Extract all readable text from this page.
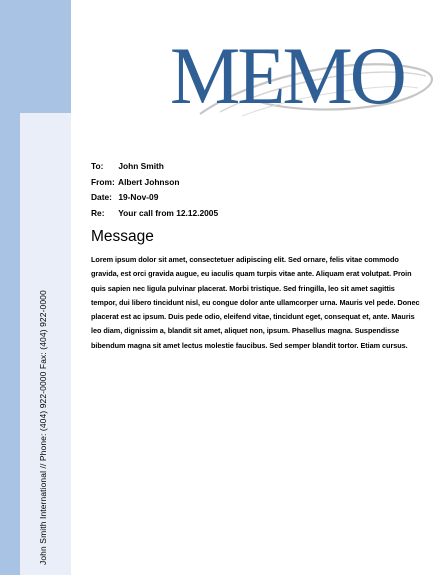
John Smith International // Phone: (404) 922-0000 Fax: (404) 922-0000
MEMO
To: John Smith
From: Albert Johnson
Date: 19-Nov-09
Re: Your call from 12.12.2005
Message
Lorem ipsum dolor sit amet, consectetuer adipiscing elit. Sed ornare, felis vitae commodo gravida, est orci gravida augue, eu iaculis quam turpis vitae ante. Aliquam erat volutpat. Proin quis sapien nec ligula pulvinar placerat. Morbi tristique. Sed fringilla, leo sit amet sagittis tempor, dui libero tincidunt nisl, eu congue dolor ante ullamcorper urna. Mauris vel pede. Donec placerat est ac ipsum. Duis pede odio, eleifend vitae, tincidunt eget, consequat et, ante. Mauris leo diam, dignissim a, blandit sit amet, aliquet non, ipsum. Phasellus magna. Suspendisse bibendum magna sit amet lectus molestie faucibus. Sed semper blandit tortor. Etiam cursus.
